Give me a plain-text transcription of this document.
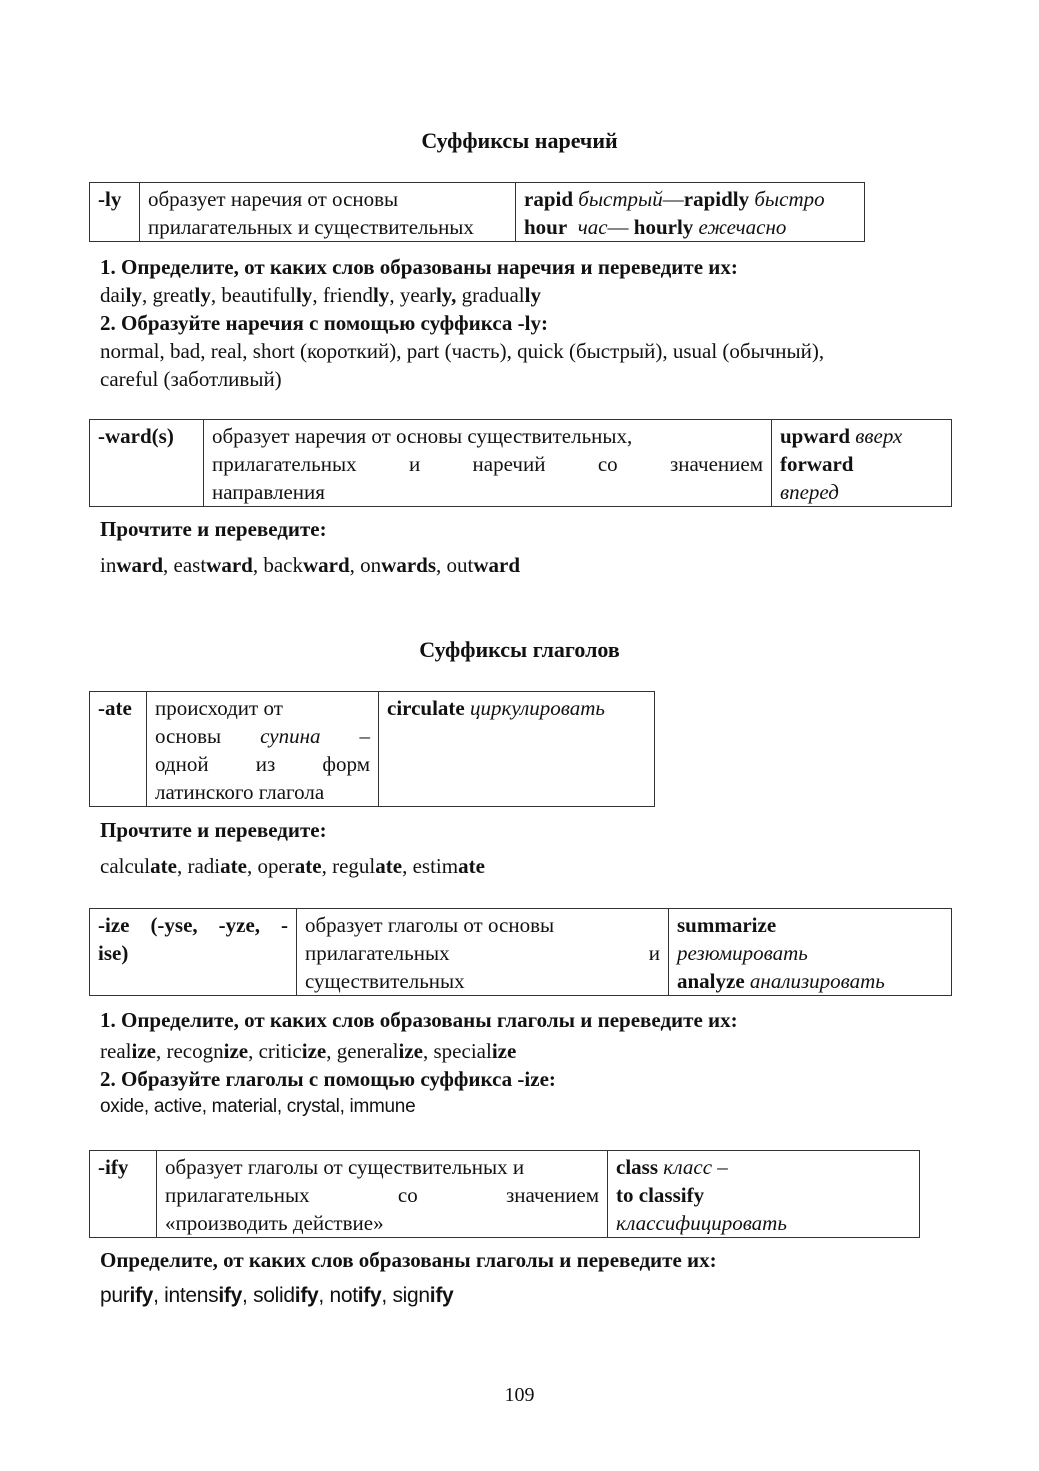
Суффиксы наречий
-ly	образует наречия от основы
прилагательных и существительных

rapid быстрый—rapidly быстро
hour час— hourly ежечасно
1. Определите, от каких слов образованы наречия и переведите их:
daily, greatly, beautifully, friendly, yearly, gradually
2. Образуйте наречия с помощью суффикса -ly:
normal, bad, real, short (короткий), part (часть), quick (быстрый), usual (обычный),
careful (заботливый)
-ward(s)	образует наречия от основы существительных,
прилагательных и наречий со значением
направления

upward вверх
forward
вперед
Прочтите и переведите:
inward, eastward, backward, onwards, outward
Суффиксы глаголов
-ate	происходит от
основы супина –
одной из форм
латинского глагола

circulate циркулировать
Прочтите и переведите:
calculate, radiate, operate, regulate, estimate
-ize (-yse, -yze, -
ise)

образует глаголы от основы
прилагательных и
существительных

summarize
резюмировать
analyze анализировать
1. Определите, от каких слов образованы глаголы и переведите их:
realize, recognize, criticize, generalize, specialize
2. Образуйте глаголы с помощью суффикса -ize:
oxide, active, material, crystal, immune
-ify	образует глаголы от существительных и
прилагательных со значением
«производить действие»

class класс –
to classify
классифицировать
Определите, от каких слов образованы глаголы и переведите их:
purify, intensify, solidify, notify, signify
109
